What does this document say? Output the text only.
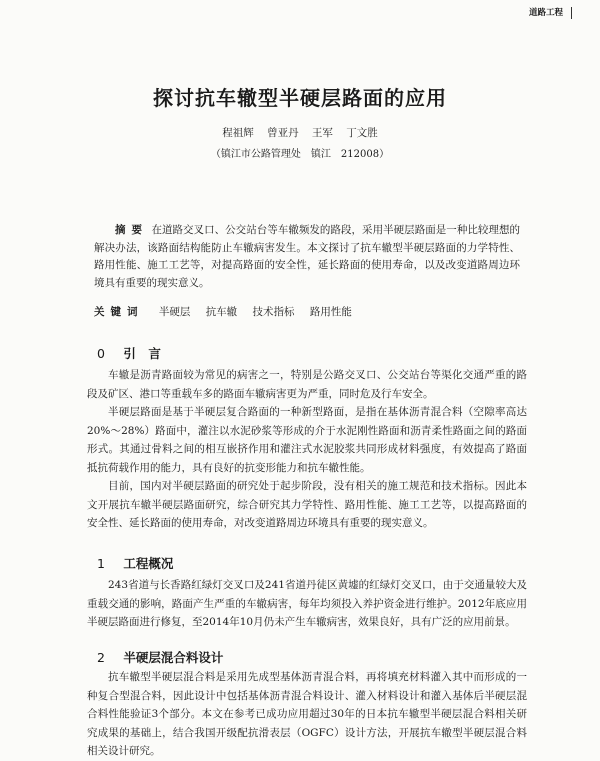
道路工程
探讨抗车辙型半硬层路面的应用
程祖辉 曾亚丹 王军 丁文胜
（镇江市公路管理处　镇江　212008）
摘要 在道路交叉口、公交站台等车辙频发的路段，采用半硬层路面是一种比较理想的解决办法，该路面结构能防止车辙病害发生。本文探讨了抗车辙型半硬层路面的力学特性、路用性能、施工工艺等，对提高路面的安全性，延长路面的使用寿命，以及改变道路周边环境具有重要的现实意义。
关键词 半硬层 抗车辙 技术指标 路用性能
0 引　言

车辙是沥青路面较为常见的病害之一，特别是公路交叉口、公交站台等渠化交通严重的路段及矿区、港口等重载车多的路面车辙病害更为严重，同时危及行车安全。

半硬层路面是基于半硬层复合路面的一种新型路面，是指在基体沥青混合料（空隙率高达20%～28%）路面中，灌注以水泥砂浆等形成的介于水泥刚性路面和沥青柔性路面之间的路面形式。其通过骨料之间的相互嵌挤作用和灌注式水泥胶浆共同形成材料强度，有效提高了路面抵抗荷载作用的能力，具有良好的抗变形能力和抗车辙性能。

目前，国内对半硬层路面的研究处于起步阶段，没有相关的施工规范和技术指标。因此本文开展抗车辙半硬层路面研究，综合研究其力学特性、路用性能、施工工艺等，以提高路面的安全性、延长路面的使用寿命，对改变道路周边环境具有重要的现实意义。

1 工程概况

243省道与长香路红绿灯交叉口及241省道丹徒区黄墟的红绿灯交叉口，由于交通量较大及重载交通的影响，路面产生严重的车辙病害，每年均须投入养护资金进行维护。2012年底应用半硬层路面进行修复，至2014年10月仍未产生车辙病害，效果良好，具有广泛的应用前景。

2 半硬层混合料设计

抗车辙型半硬层混合料是采用先成型基体沥青混合料，再将填充材料灌入其中而形成的一种复合型混合料，因此设计中包括基体沥青混合料设计、灌入材料设计和灌入基体后半硬层混合料性能验证3个部分。本文在参考已成功应用超过30年的日本抗车辙型半硬层混合料相关研究成果的基础上，结合我国开级配抗滑表层（OGFC）设计方法，开展抗车辙型半硬层混合料相关设计研究。
